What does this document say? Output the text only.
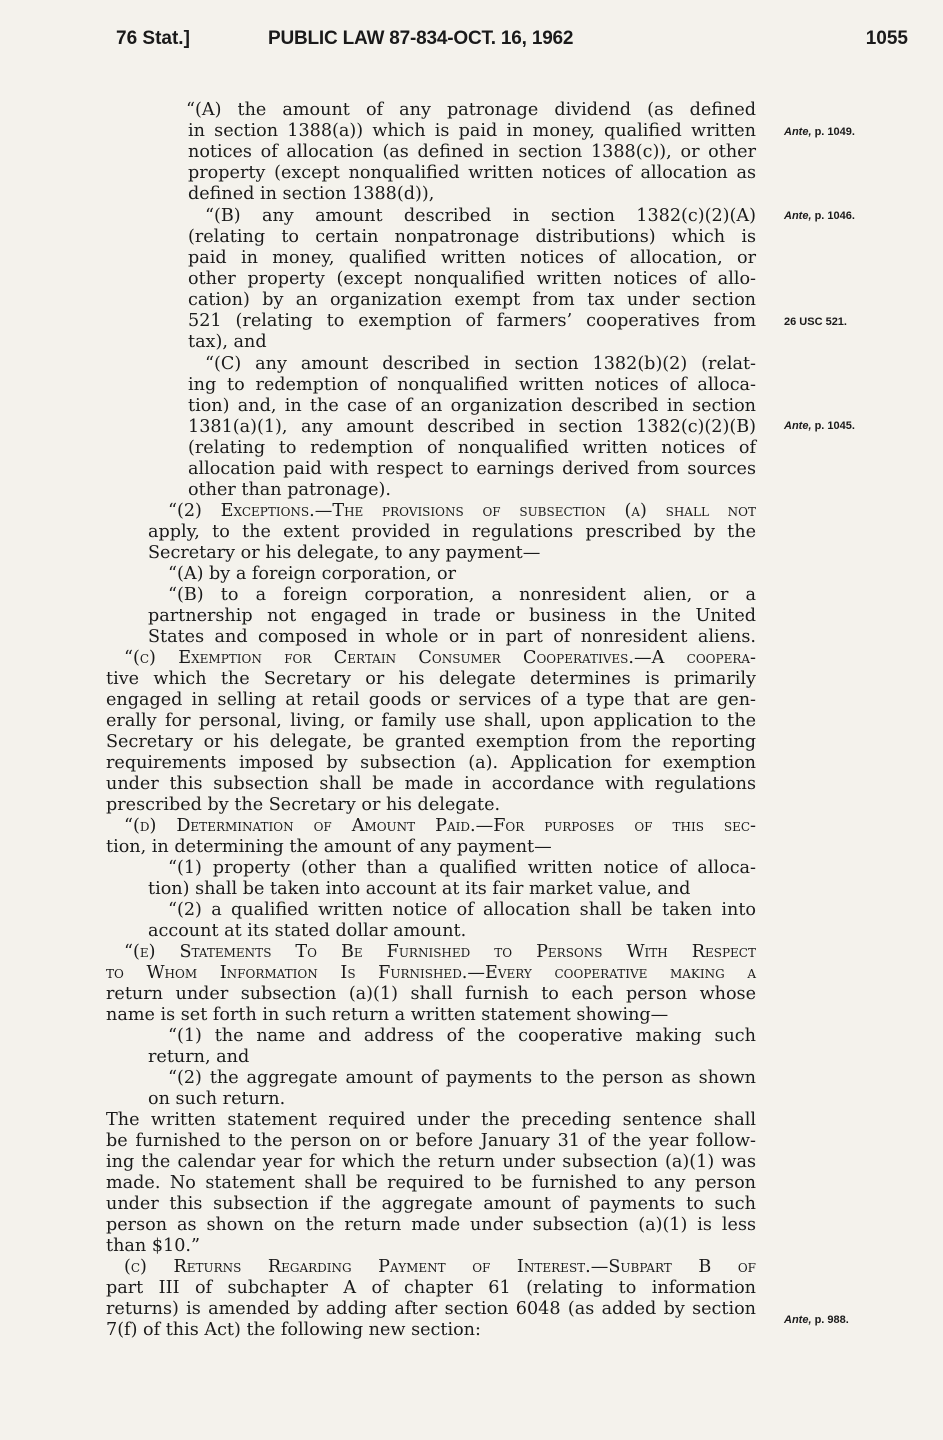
76 Stat.]	PUBLIC LAW 87-834-OCT. 16, 1962	1055
“(A) the amount of any patronage dividend (as defined
in section 1388(a)) which is paid in money, qualified written
notices of allocation (as defined in section 1388(c)), or other
property (except nonqualified written notices of allocation as
defined in section 1388(d)),
“(B) any amount described in section 1382(c)(2)(A)
(relating to certain nonpatronage distributions) which is
paid in money, qualified written notices of allocation, or
other property (except nonqualified written notices of allo-
cation) by an organization exempt from tax under section
521 (relating to exemption of farmers’ cooperatives from
tax), and
“(C) any amount described in section 1382(b)(2) (relat-
ing to redemption of nonqualified written notices of alloca-
tion) and, in the case of an organization described in section
1381(a)(1), any amount described in section 1382(c)(2)(B)
(relating to redemption of nonqualified written notices of
allocation paid with respect to earnings derived from sources
other than patronage).
“(2) Exceptions.—The provisions of subsection (a) shall not
apply, to the extent provided in regulations prescribed by the
Secretary or his delegate, to any payment—
“(A) by a foreign corporation, or
“(B) to a foreign corporation, a nonresident alien, or a
partnership not engaged in trade or business in the United
States and composed in whole or in part of nonresident aliens.
“(c) Exemption for Certain Consumer Cooperatives.—A coopera-
tive which the Secretary or his delegate determines is primarily
engaged in selling at retail goods or services of a type that are gen-
erally for personal, living, or family use shall, upon application to the
Secretary or his delegate, be granted exemption from the reporting
requirements imposed by subsection (a). Application for exemption
under this subsection shall be made in accordance with regulations
prescribed by the Secretary or his delegate.
“(d) Determination of Amount Paid.—For purposes of this sec-
tion, in determining the amount of any payment—
“(1) property (other than a qualified written notice of alloca-
tion) shall be taken into account at its fair market value, and
“(2) a qualified written notice of allocation shall be taken into
account at its stated dollar amount.
“(e) Statements To Be Furnished to Persons With Respect
to Whom Information Is Furnished.—Every cooperative making a
return under subsection (a)(1) shall furnish to each person whose
name is set forth in such return a written statement showing—
“(1) the name and address of the cooperative making such
return, and
“(2) the aggregate amount of payments to the person as shown
on such return.
The written statement required under the preceding sentence shall
be furnished to the person on or before January 31 of the year follow-
ing the calendar year for which the return under subsection (a)(1) was
made. No statement shall be required to be furnished to any person
under this subsection if the aggregate amount of payments to such
person as shown on the return made under subsection (a)(1) is less
than $10.”
(c) Returns Regarding Payment of Interest.—Subpart B of
part III of subchapter A of chapter 61 (relating to information
returns) is amended by adding after section 6048 (as added by section
7(f) of this Act) the following new section:
Ante, p. 1049.
Ante, p. 1046.
26 USC 521.
Ante, p. 1045.
Ante, p. 988.
